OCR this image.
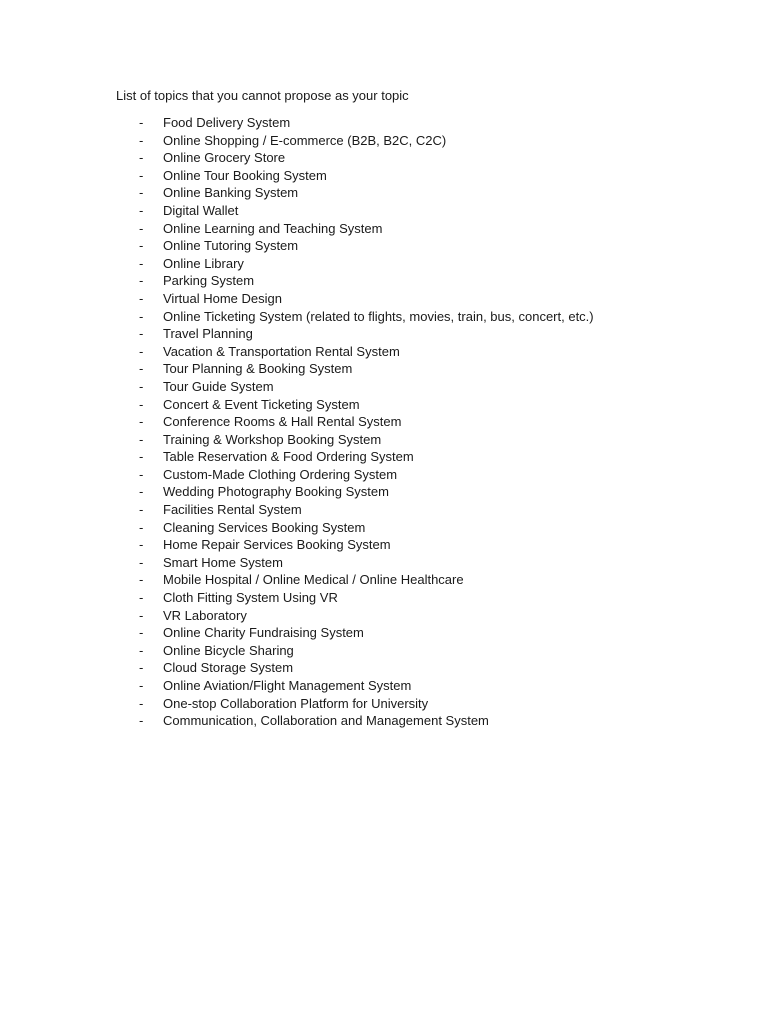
List of topics that you cannot propose as your topic
- Food Delivery System
- Online Shopping / E-commerce (B2B, B2C, C2C)
- Online Grocery Store
- Online Tour Booking System
- Online Banking System
- Digital Wallet
- Online Learning and Teaching System
- Online Tutoring System
- Online Library
- Parking System
- Virtual Home Design
- Online Ticketing System (related to flights, movies, train, bus, concert, etc.)
- Travel Planning
- Vacation & Transportation Rental System
- Tour Planning & Booking System
- Tour Guide System
- Concert & Event Ticketing System
- Conference Rooms & Hall Rental System
- Training & Workshop Booking System
- Table Reservation & Food Ordering System
- Custom-Made Clothing Ordering System
- Wedding Photography Booking System
- Facilities Rental System
- Cleaning Services Booking System
- Home Repair Services Booking System
- Smart Home System
- Mobile Hospital / Online Medical / Online Healthcare
- Cloth Fitting System Using VR
- VR Laboratory
- Online Charity Fundraising System
- Online Bicycle Sharing
- Cloud Storage System
- Online Aviation/Flight Management System
- One-stop Collaboration Platform for University
- Communication, Collaboration and Management System
